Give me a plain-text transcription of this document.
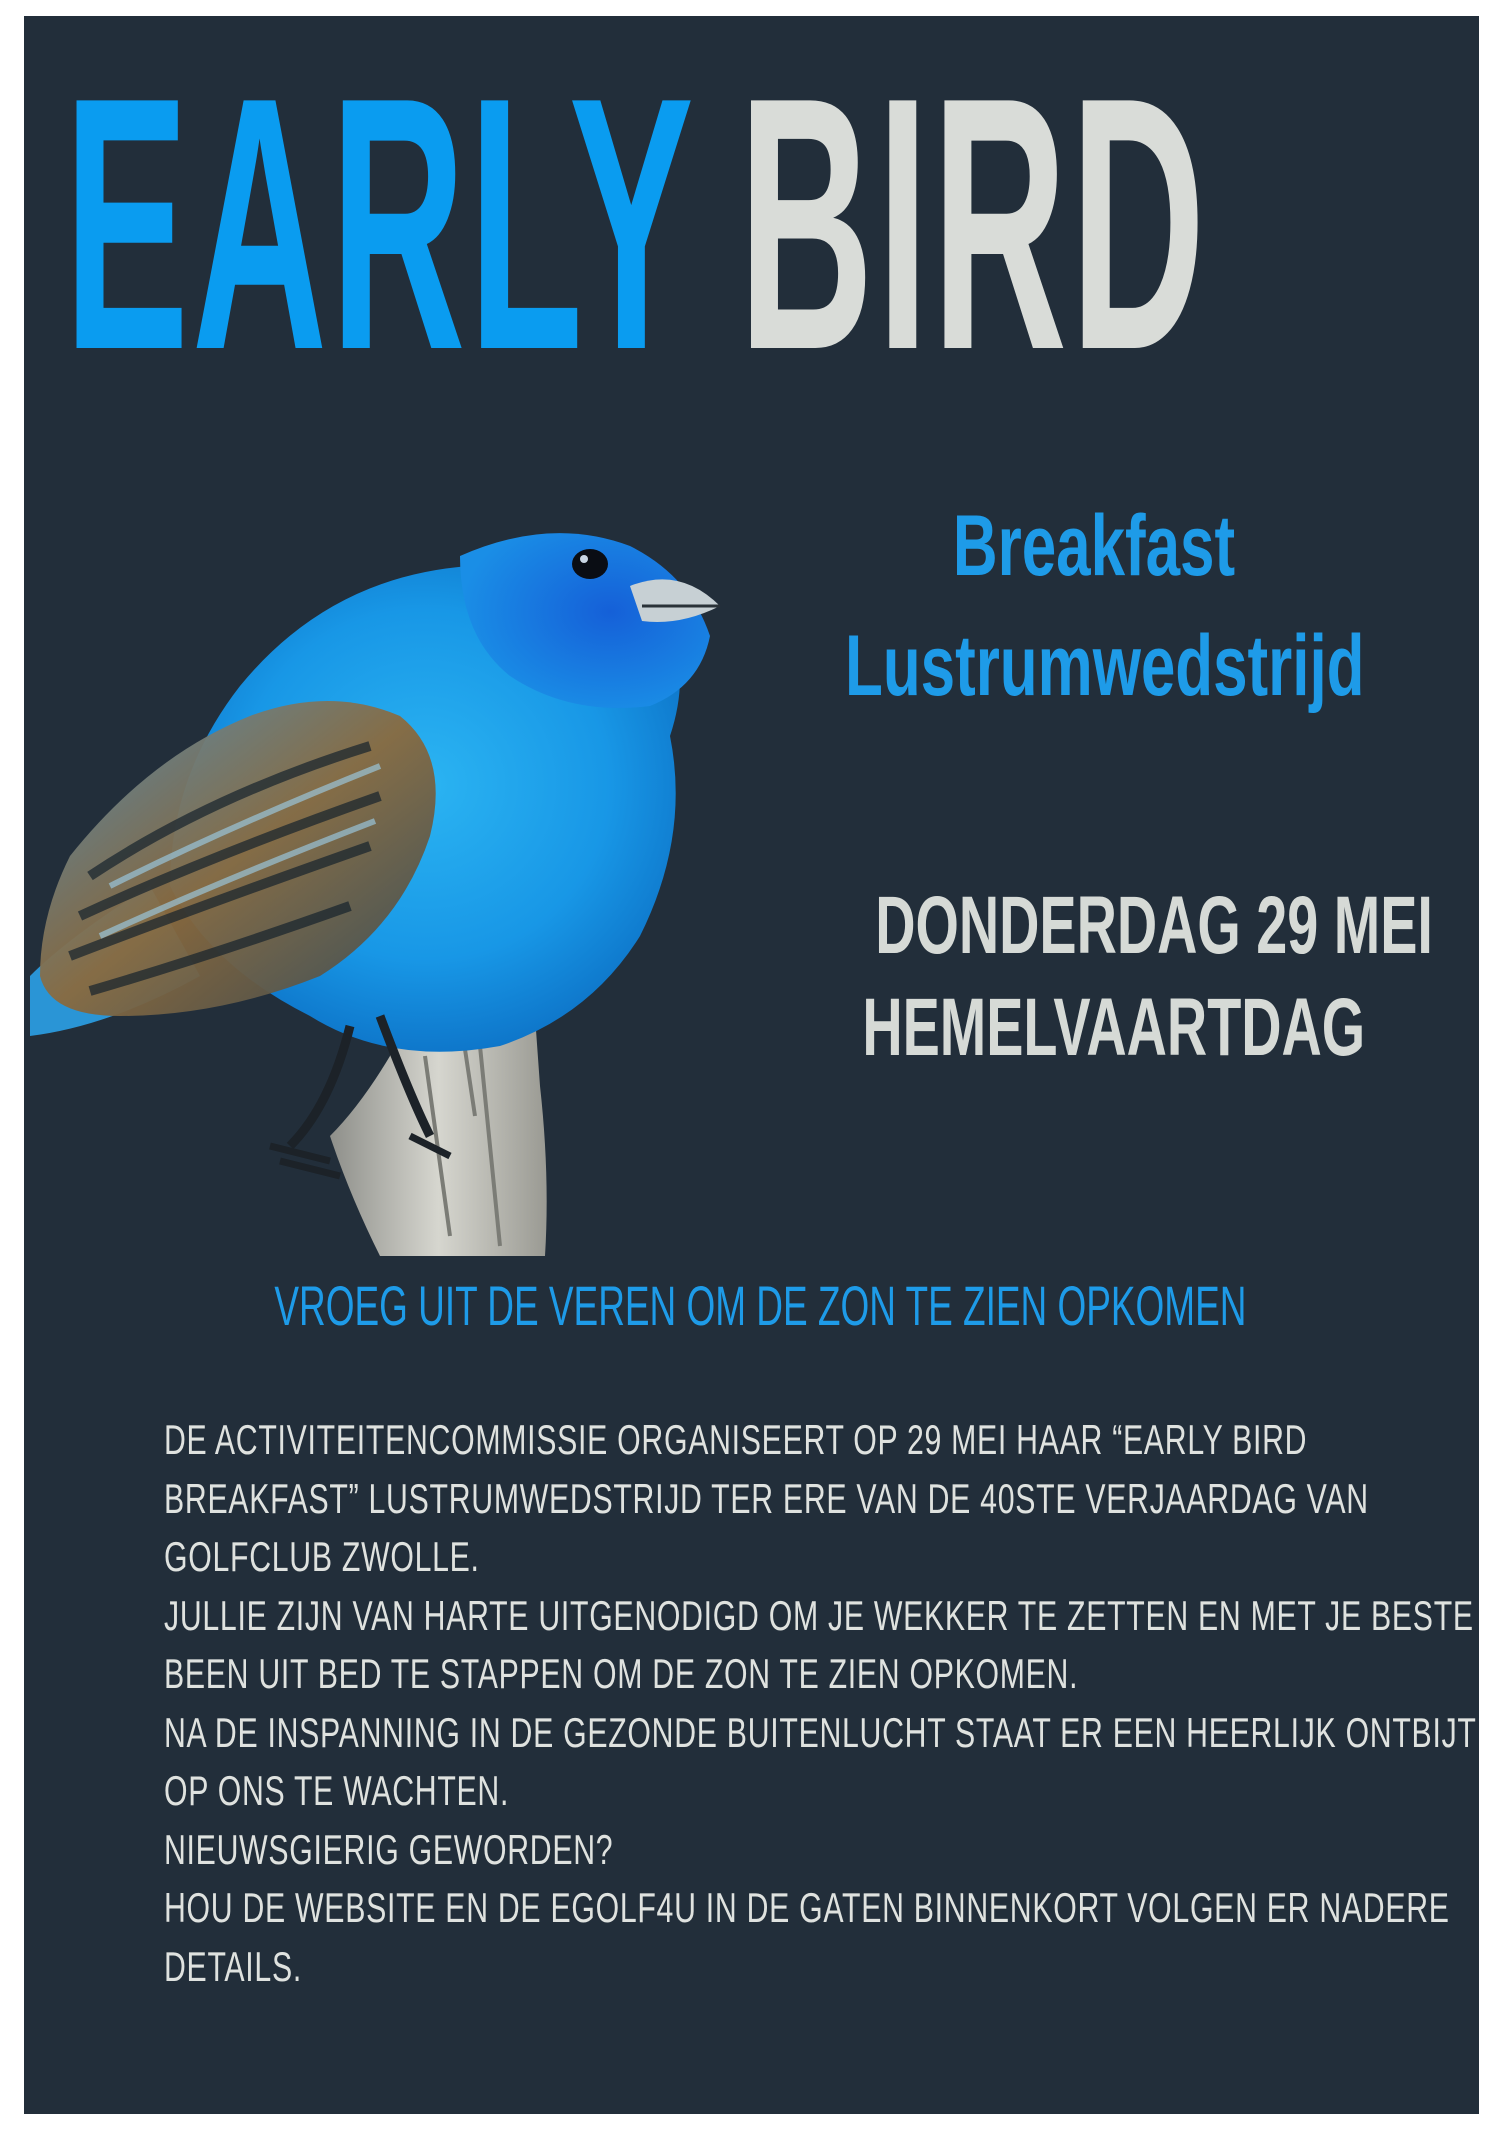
EARLY BIRD
Breakfast
Lustrumwedstrijd
DONDERDAG 29 MEI
HEMELVAARTDAG
VROEG UIT DE VEREN OM DE ZON TE ZIEN OPKOMEN
DE ACTIVITEITENCOMMISSIE ORGANISEERT OP 29 MEI HAAR “EARLY BIRD
BREAKFAST” LUSTRUMWEDSTRIJD TER ERE VAN DE 40STE VERJAARDAG VAN
GOLFCLUB ZWOLLE.
JULLIE ZIJN VAN HARTE UITGENODIGD OM JE WEKKER TE ZETTEN EN MET JE BESTE
BEEN UIT BED TE STAPPEN OM DE ZON TE ZIEN OPKOMEN.
NA DE INSPANNING IN DE GEZONDE BUITENLUCHT STAAT ER EEN HEERLIJK ONTBIJT
OP ONS TE WACHTEN.
NIEUWSGIERIG GEWORDEN?
HOU DE WEBSITE EN DE EGOLF4U IN DE GATEN BINNENKORT VOLGEN ER NADERE
DETAILS.
